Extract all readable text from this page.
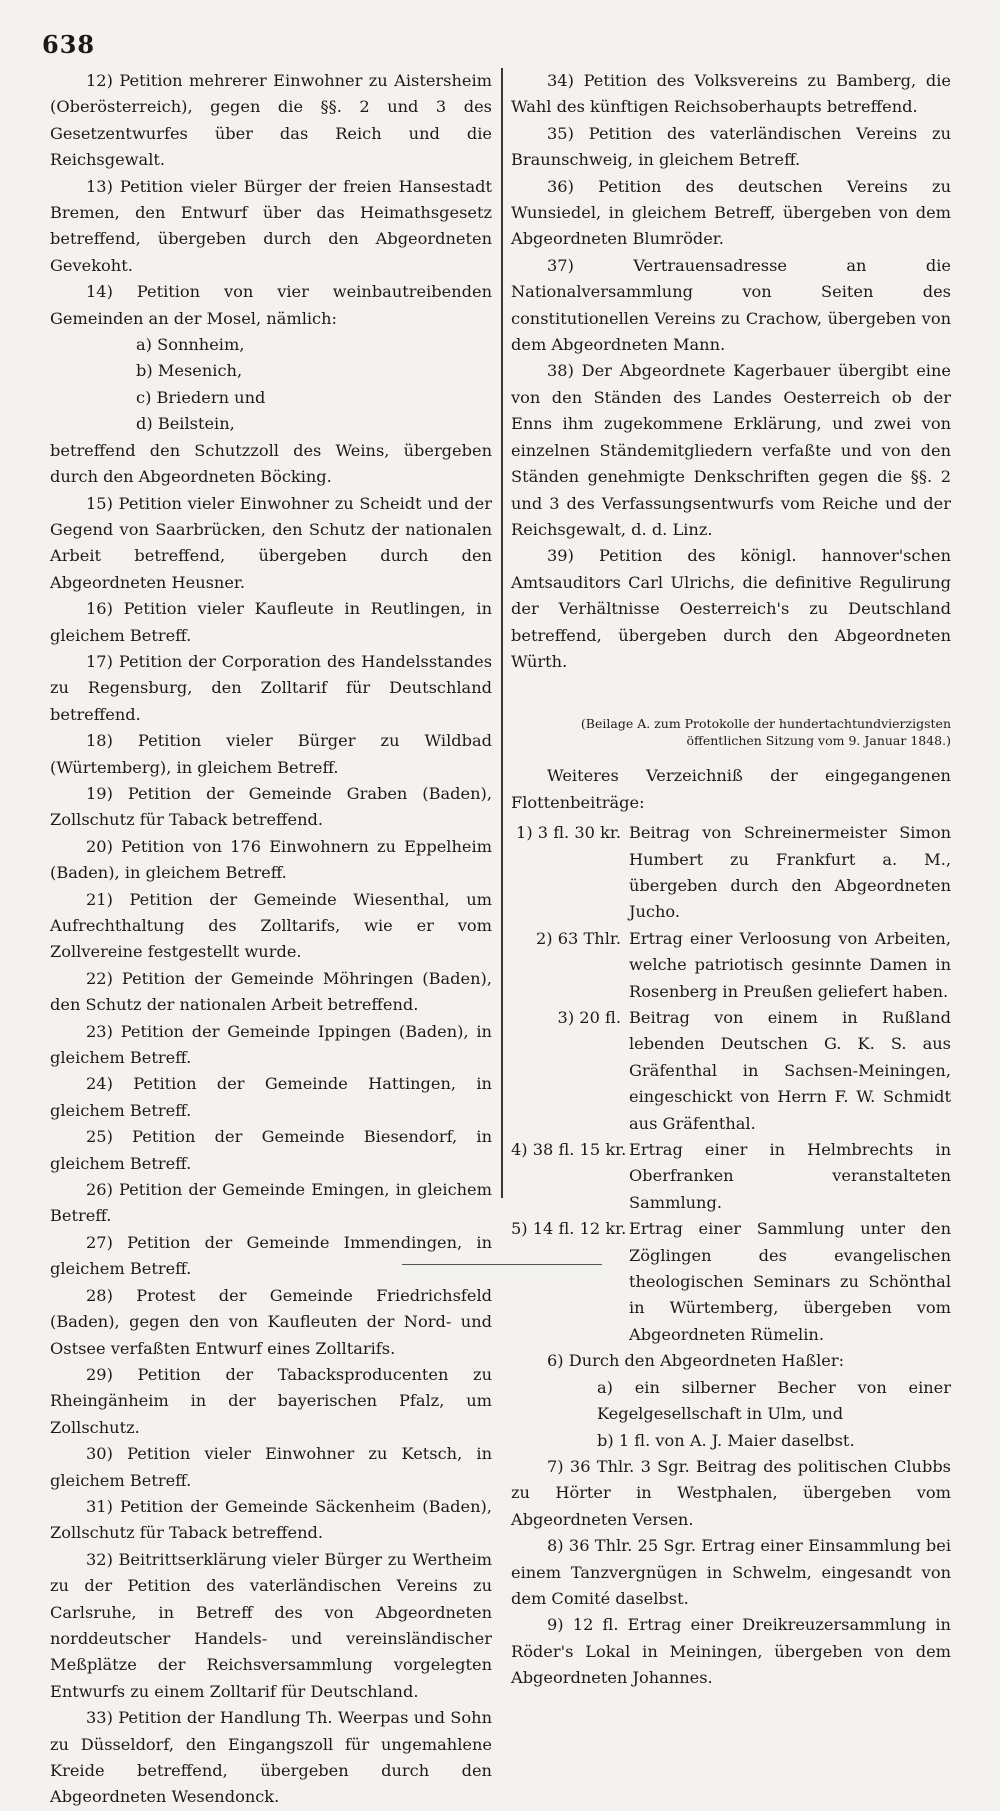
638

12) Petition mehrerer Einwohner zu Aistersheim (Oberösterreich), gegen die §§. 2 und 3 des Gesetzentwurfes über das Reich und die Reichsgewalt.

13) Petition vieler Bürger der freien Hansestadt Bremen, den Entwurf über das Heimathsgesetz betreffend, übergeben durch den Abgeordneten Gevekoht.

14) Petition von vier weinbautreibenden Gemeinden an der Mosel, nämlich:

a) Sonnheim,

b) Mesenich,

c) Briedern und

d) Beilstein,

betreffend den Schutzzoll des Weins, übergeben durch den Abgeordneten Böcking.

15) Petition vieler Einwohner zu Scheidt und der Gegend von Saarbrücken, den Schutz der nationalen Arbeit betreffend, übergeben durch den Abgeordneten Heusner.

16) Petition vieler Kaufleute in Reutlingen, in gleichem Betreff.

17) Petition der Corporation des Handelsstandes zu Regensburg, den Zolltarif für Deutschland betreffend.

18) Petition vieler Bürger zu Wildbad (Würtemberg), in gleichem Betreff.

19) Petition der Gemeinde Graben (Baden), Zollschutz für Taback betreffend.

20) Petition von 176 Einwohnern zu Eppelheim (Baden), in gleichem Betreff.

21) Petition der Gemeinde Wiesenthal, um Aufrechthaltung des Zolltarifs, wie er vom Zollvereine festgestellt wurde.

22) Petition der Gemeinde Möhringen (Baden), den Schutz der nationalen Arbeit betreffend.

23) Petition der Gemeinde Ippingen (Baden), in gleichem Betreff.

24) Petition der Gemeinde Hattingen, in gleichem Betreff.

25) Petition der Gemeinde Biesendorf, in gleichem Betreff.

26) Petition der Gemeinde Emingen, in gleichem Betreff.

27) Petition der Gemeinde Immendingen, in gleichem Betreff.

28) Protest der Gemeinde Friedrichsfeld (Baden), gegen den von Kaufleuten der Nord- und Ostsee verfaßten Entwurf eines Zolltarifs.

29) Petition der Tabacksproducenten zu Rheingänheim in der bayerischen Pfalz, um Zollschutz.

30) Petition vieler Einwohner zu Ketsch, in gleichem Betreff.

31) Petition der Gemeinde Säckenheim (Baden), Zollschutz für Taback betreffend.

32) Beitrittserklärung vieler Bürger zu Wertheim zu der Petition des vaterländischen Vereins zu Carlsruhe, in Betreff des von Abgeordneten norddeutscher Handels- und vereinsländischer Meßplätze der Reichsversammlung vorgelegten Entwurfs zu einem Zolltarif für Deutschland.

33) Petition der Handlung Th. Weerpas und Sohn zu Düsseldorf, den Eingangszoll für ungemahlene Kreide betreffend, übergeben durch den Abgeordneten Wesendonck.

34) Petition des Volksvereins zu Bamberg, die Wahl des künftigen Reichsoberhaupts betreffend.

35) Petition des vaterländischen Vereins zu Braunschweig, in gleichem Betreff.

36) Petition des deutschen Vereins zu Wunsiedel, in gleichem Betreff, übergeben von dem Abgeordneten Blumröder.

37) Vertrauensadresse an die Nationalversammlung von Seiten des constitutionellen Vereins zu Crachow, übergeben von dem Abgeordneten Mann.

38) Der Abgeordnete Kagerbauer übergibt eine von den Ständen des Landes Oesterreich ob der Enns ihm zugekommene Erklärung, und zwei von einzelnen Ständemitgliedern verfaßte und von den Ständen genehmigte Denkschriften gegen die §§. 2 und 3 des Verfassungsentwurfs vom Reiche und der Reichsgewalt, d. d. Linz.

39) Petition des königl. hannover'schen Amtsauditors Carl Ulrichs, die definitive Regulirung der Verhältnisse Oesterreich's zu Deutschland betreffend, übergeben durch den Abgeordneten Würth.

(Beilage A. zum Protokolle der hundertachtundvierzigsten
öffentlichen Sitzung vom 9. Januar 1848.)

Weiteres Verzeichniß der eingegangenen Flottenbeiträge:

1) 3 fl. 30 kr. Beitrag von Schreinermeister Simon Humbert zu Frankfurt a. M., übergeben durch den Abgeordneten Jucho.
2) 63 Thlr. Ertrag einer Verloosung von Arbeiten, welche patriotisch gesinnte Damen in Rosenberg in Preußen geliefert haben.
3) 20 fl. Beitrag von einem in Rußland lebenden Deutschen G. K. S. aus Gräfenthal in Sachsen-Meiningen, eingeschickt von Herrn F. W. Schmidt aus Gräfenthal.
4) 38 fl. 15 kr. Ertrag einer in Helmbrechts in Oberfranken veranstalteten Sammlung.
5) 14 fl. 12 kr. Ertrag einer Sammlung unter den Zöglingen des evangelischen theologischen Seminars zu Schönthal in Würtemberg, übergeben vom Abgeordneten Rümelin.

6) Durch den Abgeordneten Haßler:

a) ein silberner Becher von einer Kegelgesellschaft in Ulm, und

b) 1 fl. von A. J. Maier daselbst.

7) 36 Thlr. 3 Sgr. Beitrag des politischen Clubbs zu Hörter in Westphalen, übergeben vom Abgeordneten Versen.

8) 36 Thlr. 25 Sgr. Ertrag einer Einsammlung bei einem Tanzvergnügen in Schwelm, eingesandt von dem Comité daselbst.

9) 12 fl. Ertrag einer Dreikreuzersammlung in Röder's Lokal in Meiningen, übergeben von dem Abgeordneten Johannes.
